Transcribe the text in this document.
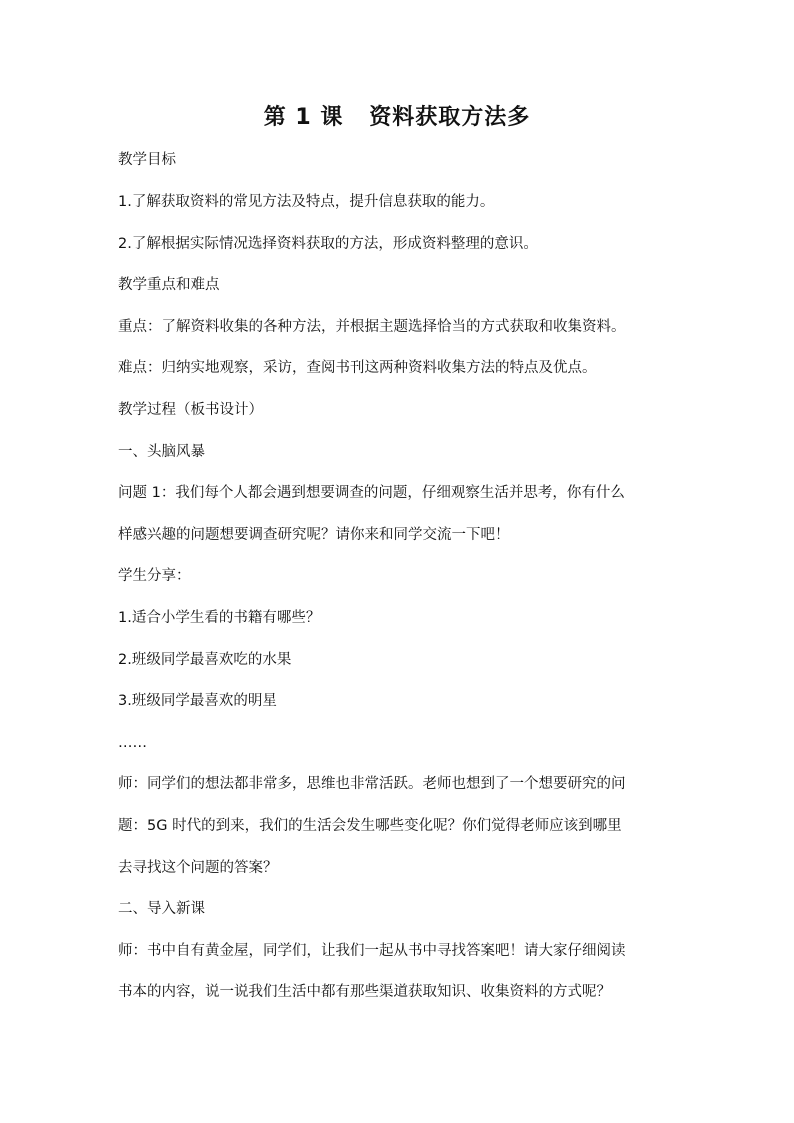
第 1 课   资料获取方法多
教学目标
1.了解获取资料的常见方法及特点，提升信息获取的能力。
2.了解根据实际情况选择资料获取的方法，形成资料整理的意识。
教学重点和难点
重点：了解资料收集的各种方法，并根据主题选择恰当的方式获取和收集资料。
难点：归纳实地观察，采访，查阅书刊这两种资料收集方法的特点及优点。
教学过程（板书设计）
一、头脑风暴
问题 1：我们每个人都会遇到想要调查的问题，仔细观察生活并思考，你有什么
样感兴趣的问题想要调查研究呢？请你来和同学交流一下吧！
学生分享：
1.适合小学生看的书籍有哪些？
2.班级同学最喜欢吃的水果
3.班级同学最喜欢的明星
……
师：同学们的想法都非常多，思维也非常活跃。老师也想到了一个想要研究的问
题：5G 时代的到来，我们的生活会发生哪些变化呢？你们觉得老师应该到哪里
去寻找这个问题的答案？
二、导入新课
师：书中自有黄金屋，同学们，让我们一起从书中寻找答案吧！请大家仔细阅读
书本的内容，说一说我们生活中都有那些渠道获取知识、收集资料的方式呢？
